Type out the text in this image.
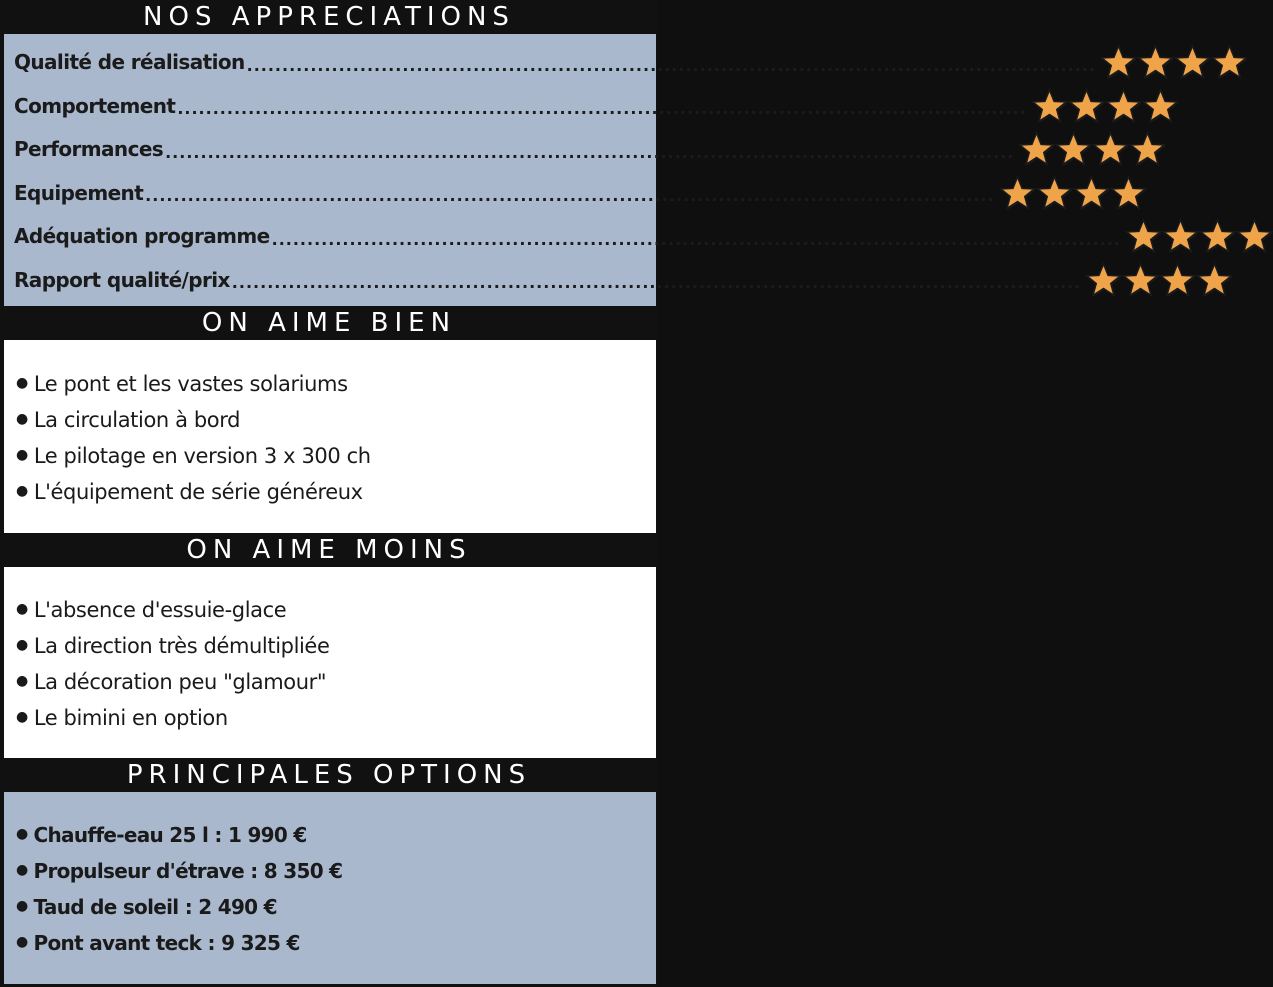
NOS APPRECIATIONS
Qualité de réalisation ........................................................................................................................
Comportement ........................................................................................................................
Performances ........................................................................................................................
Equipement ........................................................................................................................
Adéquation programme ........................................................................................................................
Rapport qualité/prix ........................................................................................................................
ON AIME BIEN
● Le pont et les vastes solariums
● La circulation à bord
● Le pilotage en version 3 x 300 ch
● L'équipement de série généreux
ON AIME MOINS
● L'absence d'essuie-glace
● La direction très démultipliée
● La décoration peu "glamour"
● Le bimini en option
PRINCIPALES OPTIONS
● Chauffe-eau 25 l : 1 990 €
● Propulseur d'étrave : 8 350 €
● Taud de soleil : 2 490 €
● Pont avant teck : 9 325 €
